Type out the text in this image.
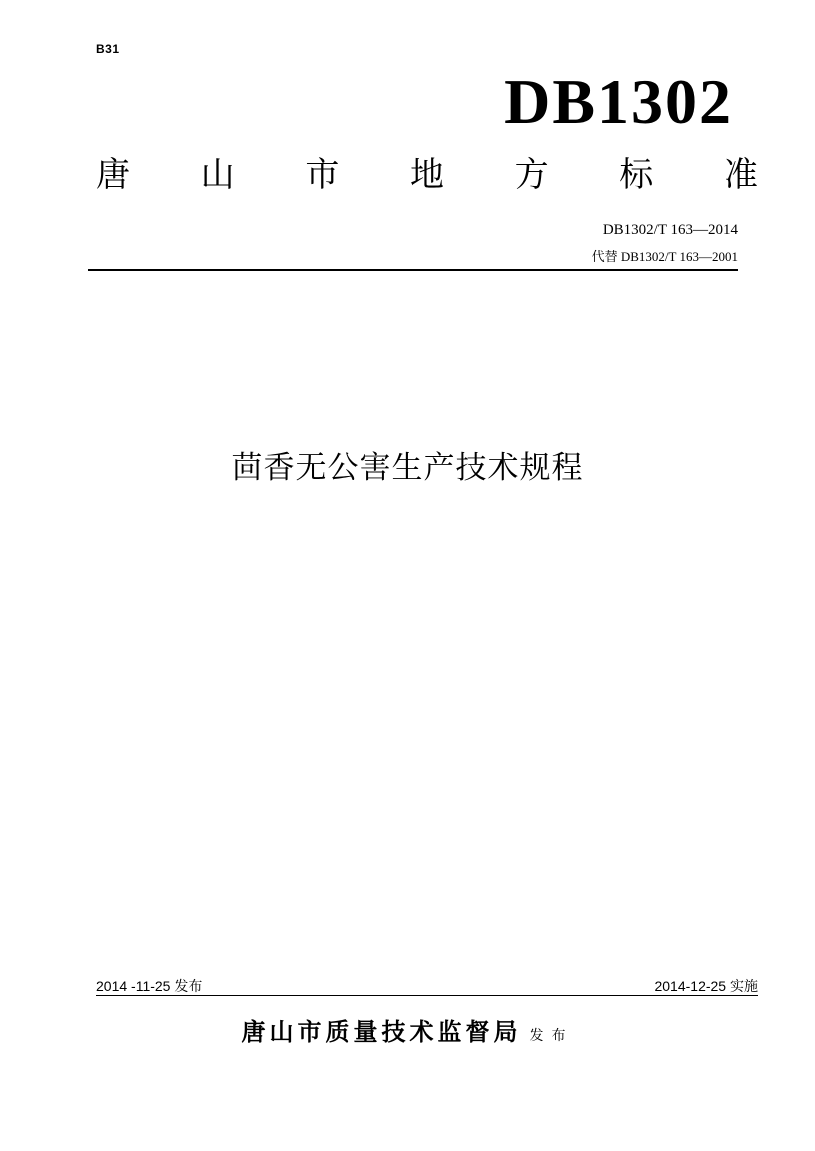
B31
DB1302
唐 山 市 地 方 标 准
DB1302/T 163—2014
代替 DB1302/T 163—2001
茴香无公害生产技术规程
2014 -11-25 发布	2014-12-25 实施
唐山市质量技术监督局 发布
